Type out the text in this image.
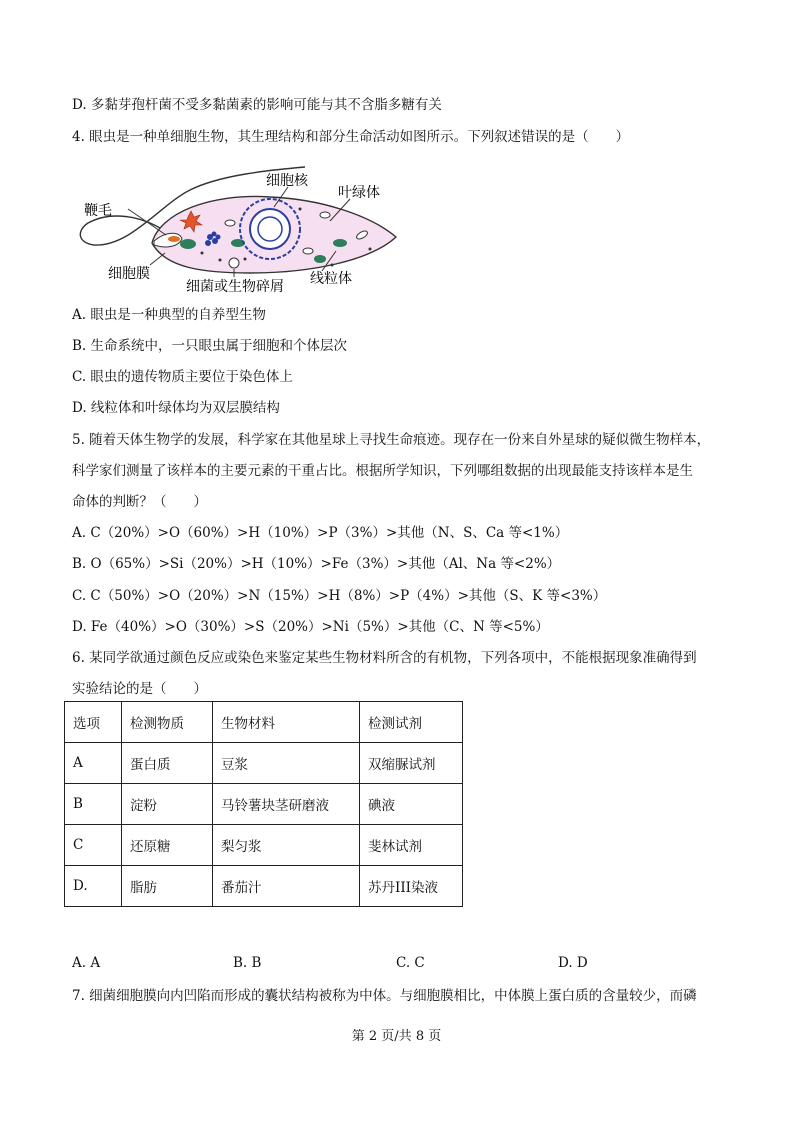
D. 多黏芽孢杆菌不受多黏菌素的影响可能与其不含脂多糖有关
4. 眼虫是一种单细胞生物，其生理结构和部分生命活动如图所示。下列叙述错误的是（　　）
细胞核
叶绿体
鞭毛
细胞膜
细菌或生物碎屑 线粒体
A. 眼虫是一种典型的自养型生物
B. 生命系统中，一只眼虫属于细胞和个体层次
C. 眼虫的遗传物质主要位于染色体上
D. 线粒体和叶绿体均为双层膜结构
5. 随着天体生物学的发展，科学家在其他星球上寻找生命痕迹。现存在一份来自外星球的疑似微生物样本，
科学家们测量了该样本的主要元素的干重占比。根据所学知识，下列哪组数据的出现最能支持该样本是生
命体的判断？（　　）
A. C（20%）>O（60%）>H（10%）>P（3%）>其他（N、S、Ca 等<1%）
B. O（65%）>Si（20%）>H（10%）>Fe（3%）>其他（Al、Na 等<2%）
C. C（50%）>O（20%）>N（15%）>H（8%）>P（4%）>其他（S、K 等<3%）
D. Fe（40%）>O（30%）>S（20%）>Ni（5%）>其他（C、N 等<5%）
6. 某同学欲通过颜色反应或染色来鉴定某些生物材料所含的有机物，下列各项中，不能根据现象准确得到
实验结论的是（　　）
选项	检测物质	生物材料	检测试剂
A	蛋白质	豆浆	双缩脲试剂
B	淀粉	马铃薯块茎研磨液	碘液
C	还原糖	梨匀浆	斐林试剂
D.	脂肪	番茄汁	苏丹III染液
A. A	B. B	C. C	D. D
7. 细菌细胞膜向内凹陷而形成的囊状结构被称为中体。与细胞膜相比，中体膜上蛋白质的含量较少，而磷
第 2 页/共 8 页
